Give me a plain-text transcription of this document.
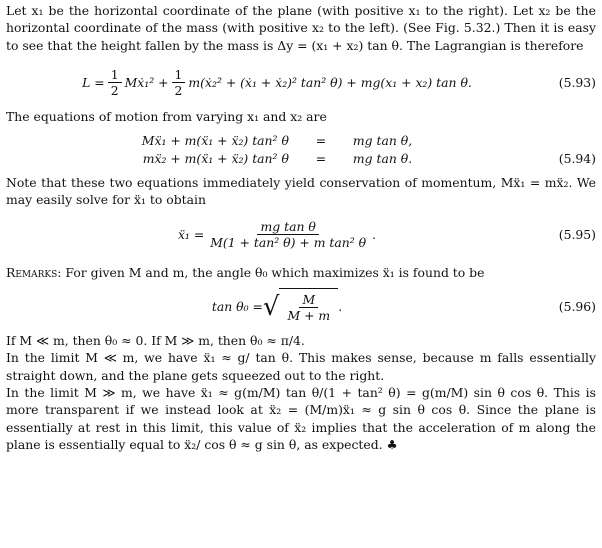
Let x₁ be the horizontal coordinate of the plane (with positive x₁ to the right). Let x₂ be the horizontal coordinate of the mass (with positive x₂ to the left). (See Fig. 5.32.) Then it is easy to see that the height fallen by the mass is Δy = (x₁ + x₂) tan θ. The Lagrangian is therefore

$L = \frac{1}{2}$ Mẋ₁² + $\frac{1}{2}$ m(ẋ₂² + (ẋ₁ + ẋ₂)² tan² θ) + mg(x₁ + x₂) tan θ.	(5.93)

The equations of motion from varying x₁ and x₂ are

Mẍ₁ + m(ẍ₁ + ẍ₂) tan² θ	=	mg tan θ,
mẍ₂ + m(ẍ₁ + ẍ₂) tan² θ	=	mg tan θ.	(5.94)

Note that these two equations immediately yield conservation of momentum, Mẍ₁ = mẍ₂. We may easily solve for ẍ₁ to obtain

ẍ₁ = $\frac{\text{mg tan θ}}{\text{M(1 + tan² θ) + m tan² θ}}$ .	(5.95)

Remarks: For given M and m, the angle θ₀ which maximizes ẍ₁ is found to be

tan θ₀ = √ $\frac{M}{M + m}$ .	(5.96)

If M ≪ m, then θ₀ ≈ 0. If M ≫ m, then θ₀ ≈ π/4.

In the limit M ≪ m, we have ẍ₁ ≈ g/ tan θ. This makes sense, because m falls essentially straight down, and the plane gets squeezed out to the right.

In the limit M ≫ m, we have ẍ₁ ≈ g(m/M) tan θ/(1 + tan² θ) = g(m/M) sin θ cos θ. This is more transparent if we instead look at ẍ₂ = (M/m)ẍ₁ ≈ g sin θ cos θ. Since the plane is essentially at rest in this limit, this value of ẍ₂ implies that the acceleration of m along the plane is essentially equal to ẍ₂/ cos θ ≈ g sin θ, as expected. ♣
